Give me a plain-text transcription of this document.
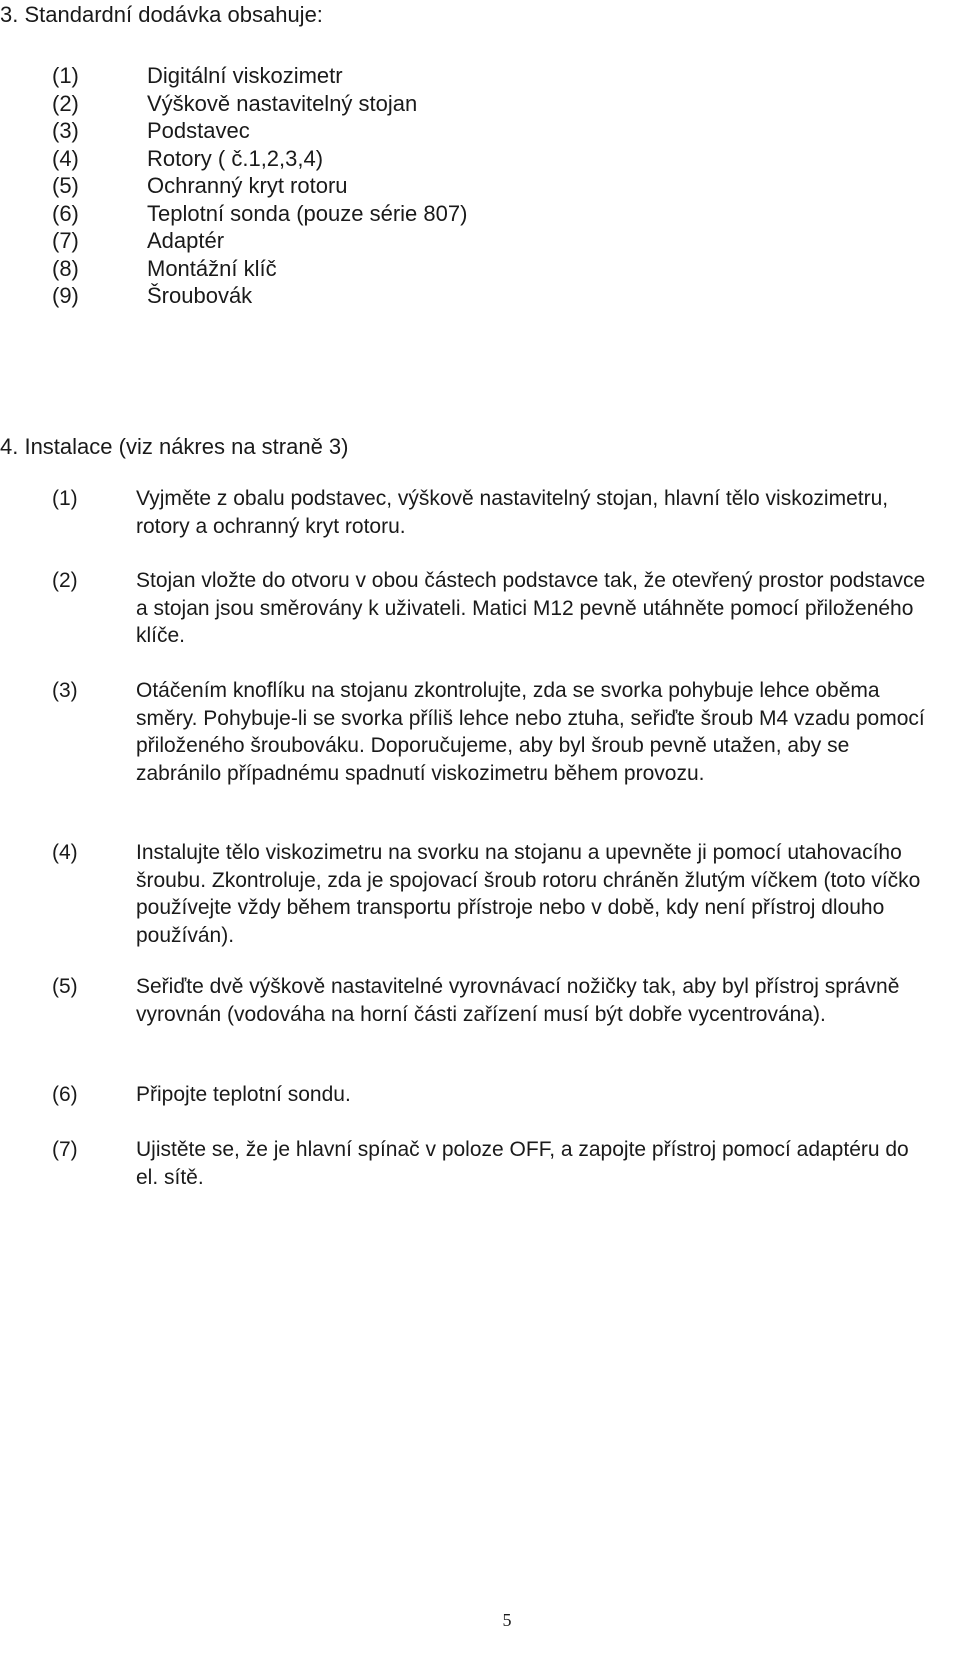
3. Standardní dodávka obsahuje:
(1)	Digitální viskozimetr
(2)	Výškově nastavitelný stojan
(3)	Podstavec
(4)	Rotory ( č.1,2,3,4)
(5)	Ochranný kryt rotoru
(6)	Teplotní sonda (pouze série 807)
(7)	Adaptér
(8)	Montážní klíč
(9)	Šroubovák
4. Instalace (viz nákres na straně 3)
(1)	Vyjměte z obalu podstavec, výškově nastavitelný stojan, hlavní tělo viskozimetru, rotory a ochranný kryt rotoru.
(2)	Stojan vložte do otvoru v obou částech podstavce tak, že otevřený prostor podstavce a stojan jsou směrovány k uživateli. Matici M12 pevně utáhněte pomocí přiloženého klíče.
(3)	Otáčením knoflíku na stojanu zkontrolujte, zda se svorka pohybuje lehce oběma směry. Pohybuje-li se svorka příliš lehce nebo ztuha, seřiďte šroub M4 vzadu pomocí přiloženého šroubováku. Doporučujeme, aby byl šroub pevně utažen, aby se zabránilo případnému spadnutí viskozimetru během provozu.
(4)	Instalujte tělo viskozimetru na svorku na stojanu a upevněte ji pomocí utahovacího šroubu. Zkontroluje, zda je spojovací šroub rotoru chráněn žlutým víčkem (toto víčko používejte vždy během transportu přístroje nebo v době, kdy není přístroj dlouho používán).
(5)	Seřiďte dvě výškově nastavitelné vyrovnávací nožičky tak, aby byl přístroj správně vyrovnán (vodováha na horní části zařízení musí být dobře vycentrována).
(6)	Připojte teplotní sondu.
(7)	Ujistěte se, že je hlavní spínač v poloze OFF, a zapojte přístroj pomocí adaptéru do el. sítě.
5
